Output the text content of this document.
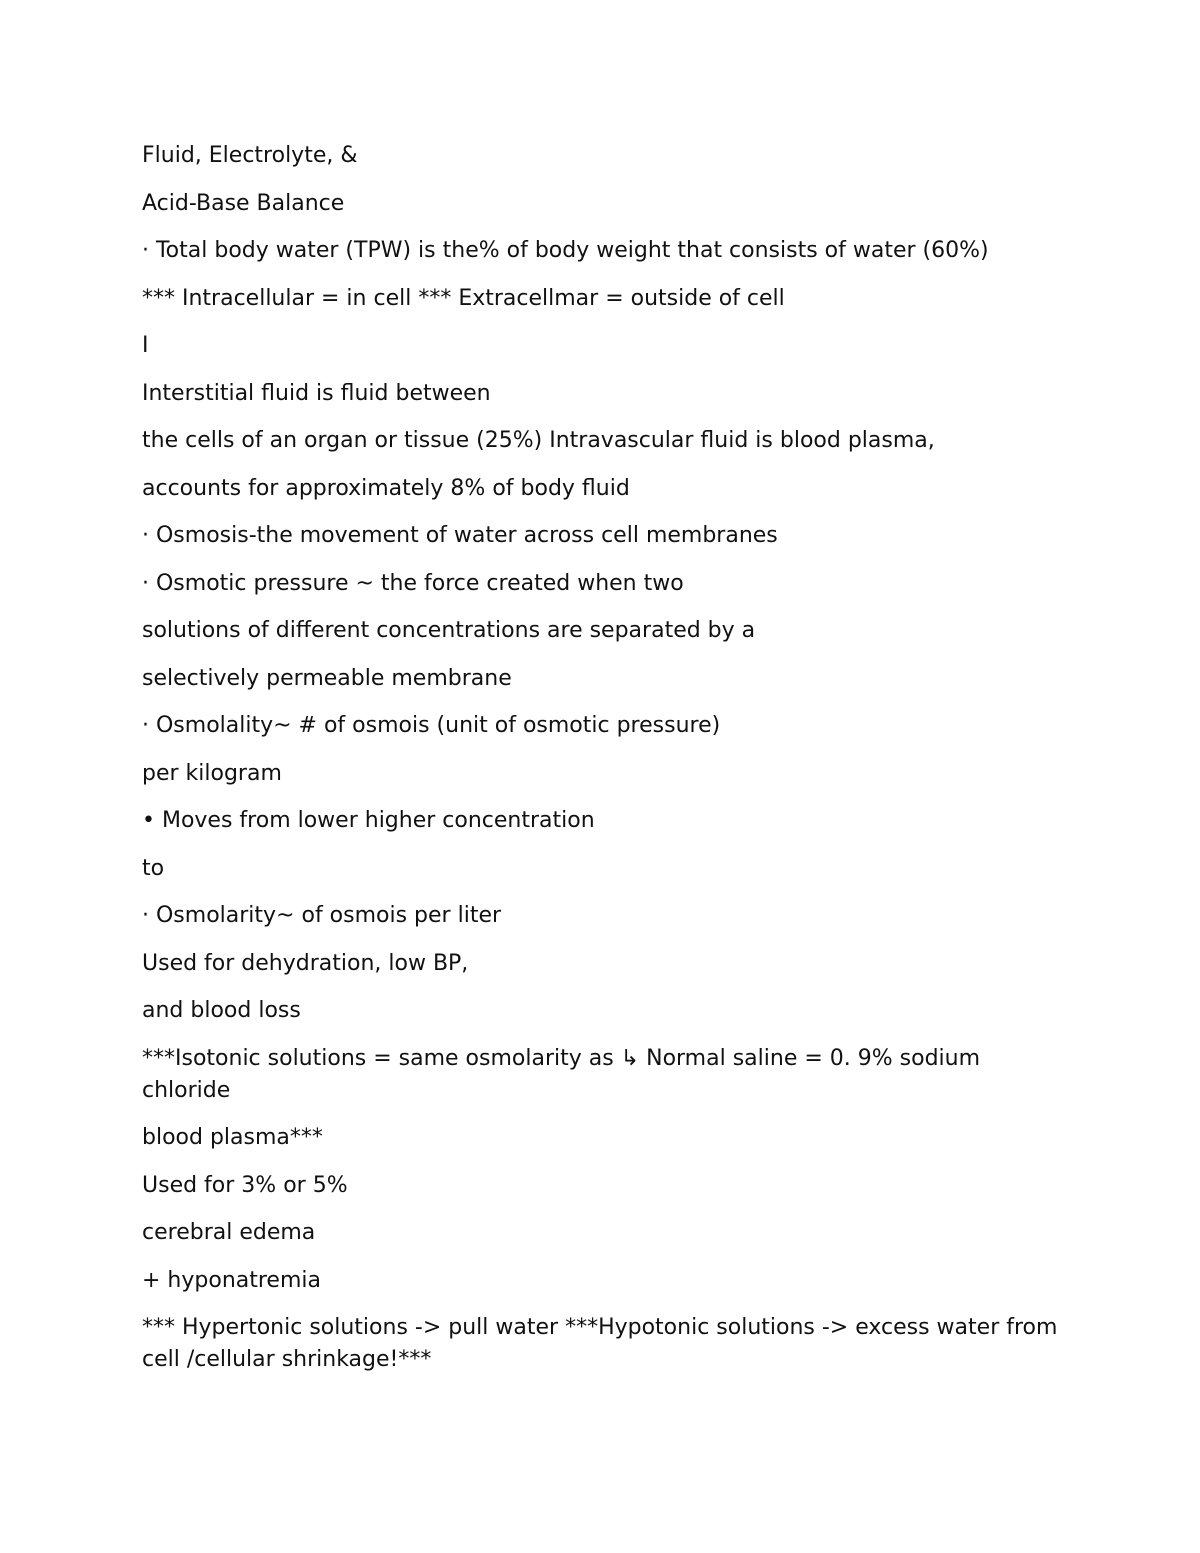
Fluid, Electrolyte, &

Acid-Base Balance

· Total body water (TPW) is the% of body weight that consists of water (60%)

*** Intracellular = in cell *** Extracellmar = outside of cell

I

Interstitial fluid is fluid between

the cells of an organ or tissue (25%) Intravascular fluid is blood plasma,

accounts for approximately 8% of body fluid

· Osmosis-the movement of water across cell membranes

· Osmotic pressure ~ the force created when two

solutions of different concentrations are separated by a

selectively permeable membrane

· Osmolality~ # of osmois (unit of osmotic pressure)

per kilogram

• Moves from lower higher concentration

to

· Osmolarity~ of osmois per liter

Used for dehydration, low BP,

and blood loss

***Isotonic solutions = same osmolarity as ↳ Normal saline = 0. 9% sodium chloride

blood plasma***

Used for 3% or 5%

cerebral edema

+ hyponatremia

*** Hypertonic solutions -> pull water ***Hypotonic solutions -> excess water from cell /cellular shrinkage!***
